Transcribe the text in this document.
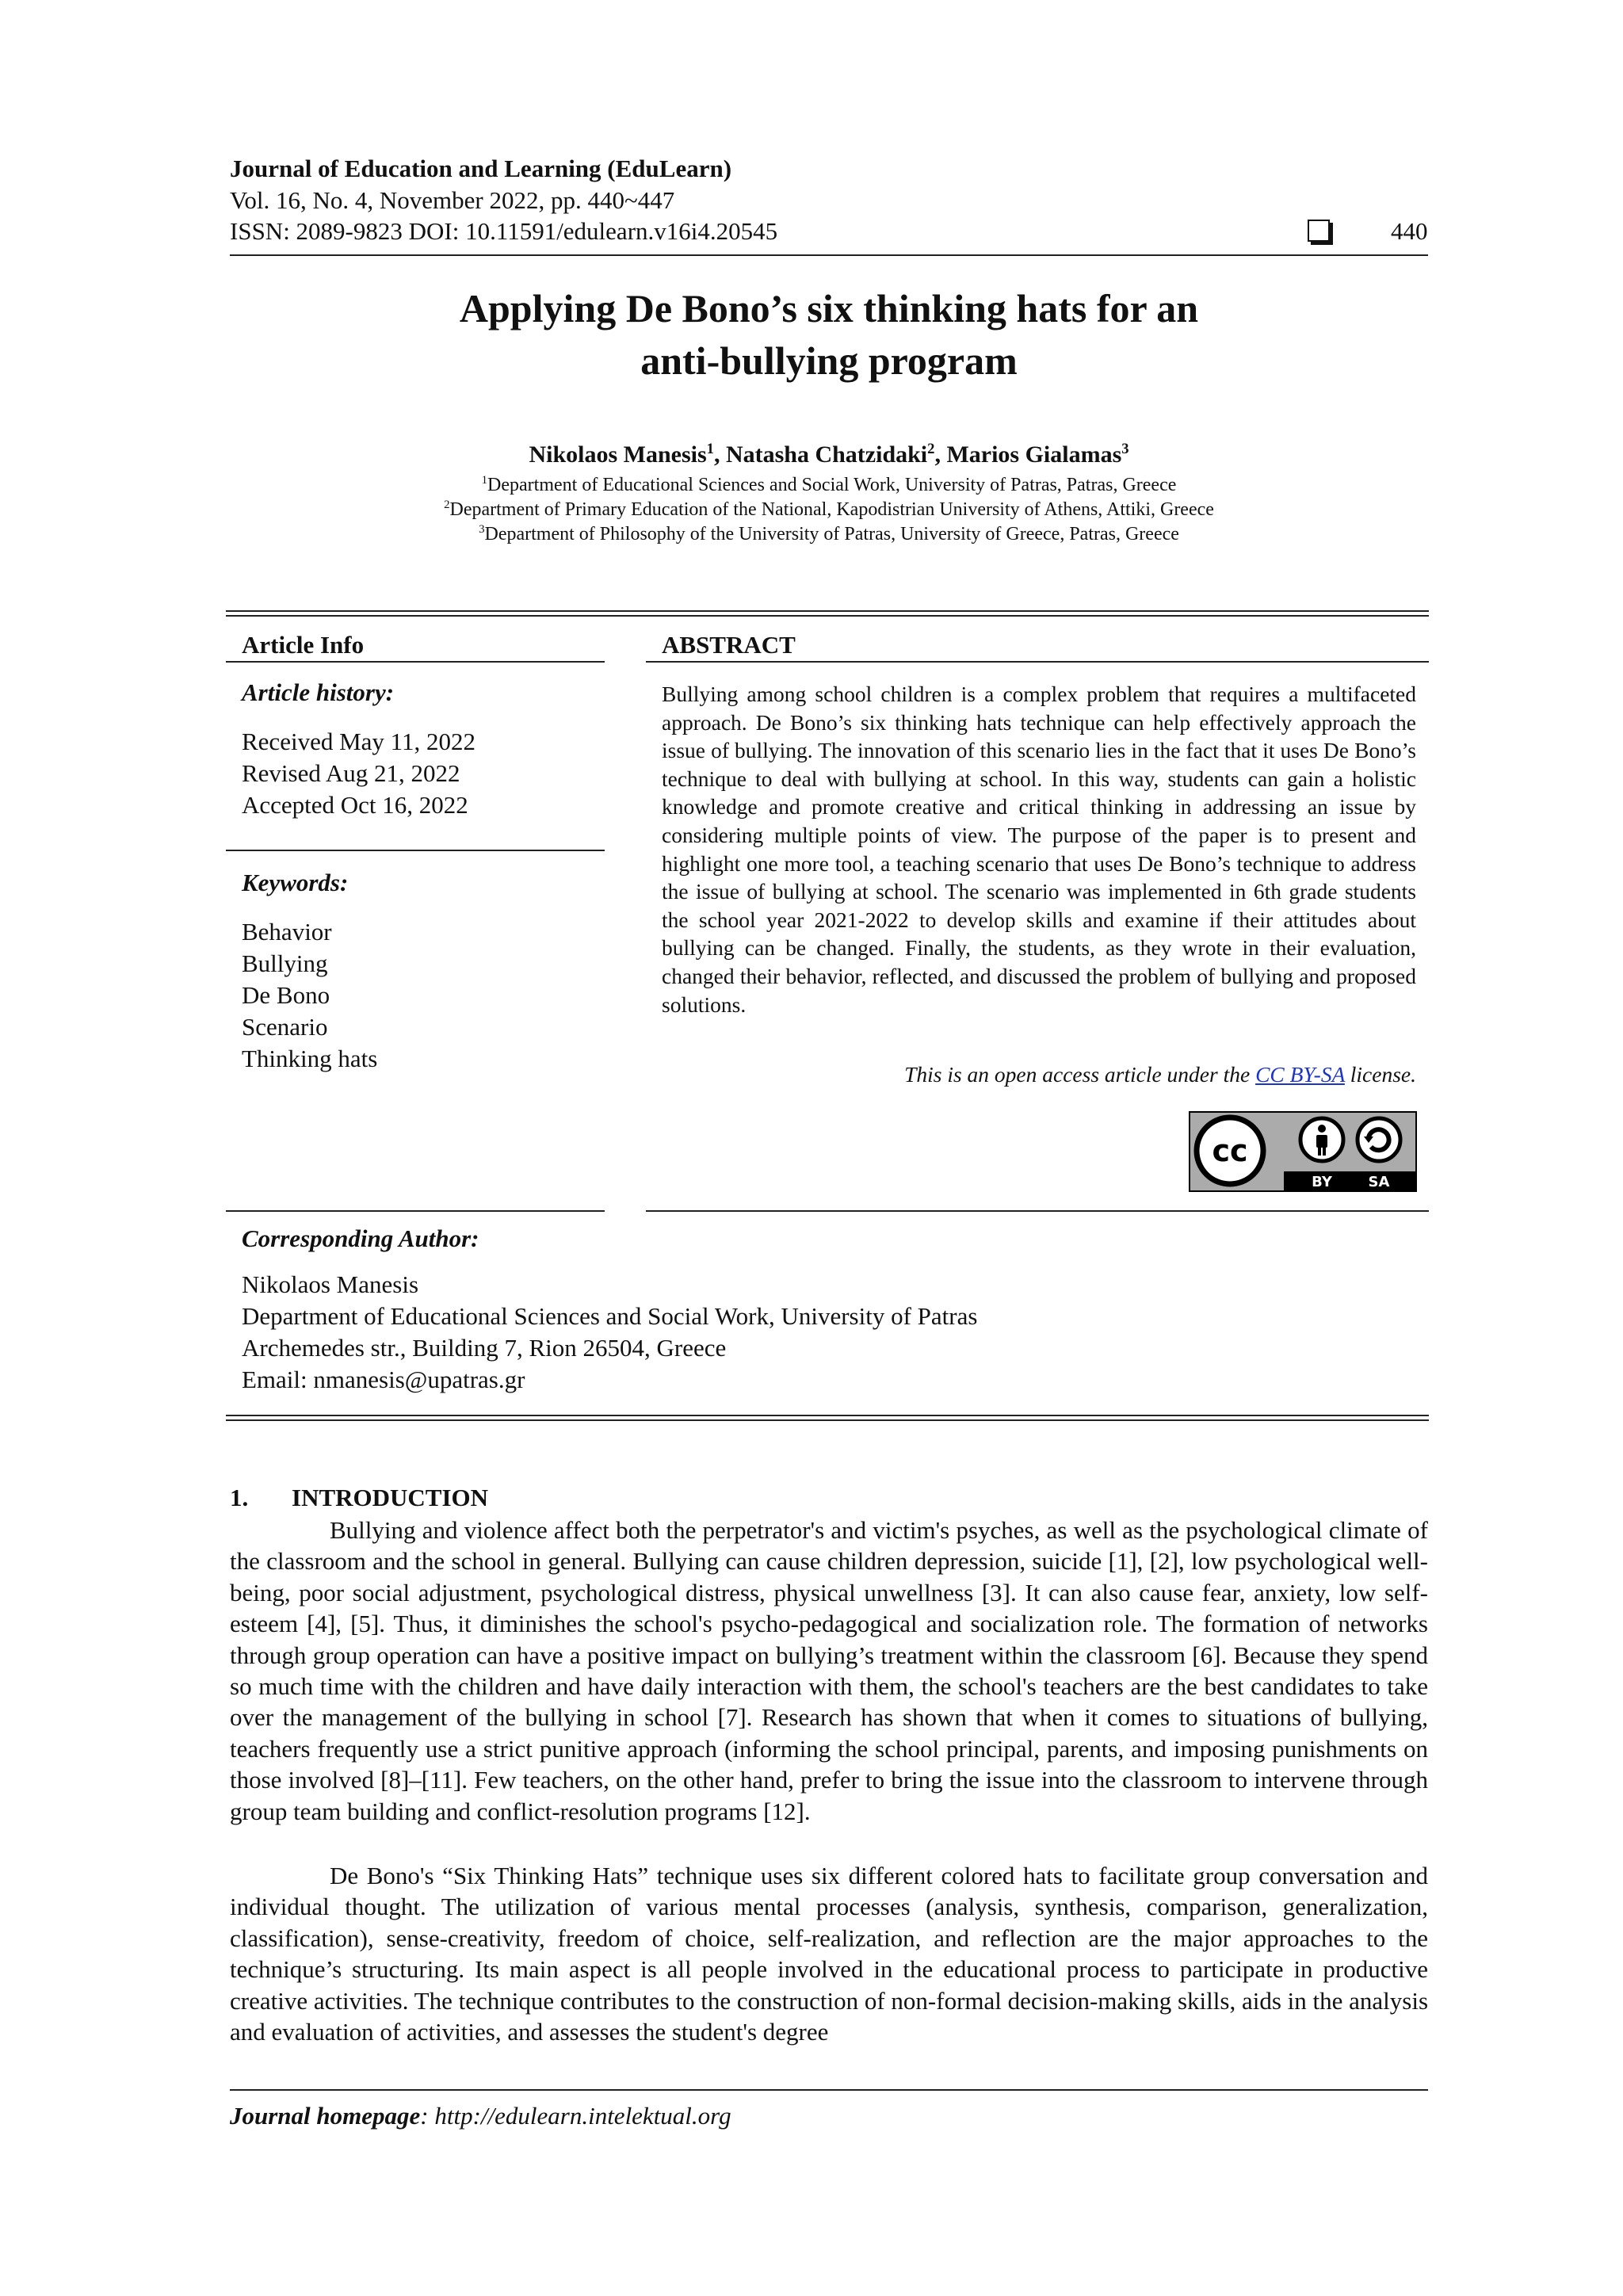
Journal of Education and Learning (EduLearn)
Vol. 16, No. 4, November 2022, pp. 440~447
ISSN: 2089-9823 DOI: 10.11591/edulearn.v16i4.20545	440
Applying De Bono’s six thinking hats for an
anti-bullying program
Nikolaos Manesis$^1$, Natasha Chatzidaki$^2$, Marios Gialamas$^3$
$^1$Department of Educational Sciences and Social Work, University of Patras, Patras, Greece
$^2$Department of Primary Education of the National, Kapodistrian University of Athens, Attiki, Greece
$^3$Department of Philosophy of the University of Patras, University of Greece, Patras, Greece
Article Info
Article history:
Received May 11, 2022
Revised Aug 21, 2022
Accepted Oct 16, 2022
Keywords:
Behavior
Bullying
De Bono
Scenario
Thinking hats
ABSTRACT
Bullying among school children is a complex problem that requires a multifaceted approach. De Bono’s six thinking hats technique can help effectively approach the issue of bullying. The innovation of this scenario lies in the fact that it uses De Bono’s technique to deal with bullying at school. In this way, students can gain a holistic knowledge and promote creative and critical thinking in addressing an issue by considering multiple points of view. The purpose of the paper is to present and highlight one more tool, a teaching scenario that uses De Bono’s technique to address the issue of bullying at school. The scenario was implemented in 6th grade students the school year 2021-2022 to develop skills and examine if their attitudes about bullying can be changed. Finally, the students, as they wrote in their evaluation, changed their behavior, reflected, and discussed the problem of bullying and proposed solutions.
This is an open access article under the CC BY-SA license.
cc
BY	SA
Corresponding Author:
Nikolaos Manesis
Department of Educational Sciences and Social Work, University of Patras
Archemedes str., Building 7, Rion 26504, Greece
Email: nmanesis@upatras.gr
1. INTRODUCTION
Bullying and violence affect both the perpetrator's and victim's psyches, as well as the psychological climate of the classroom and the school in general. Bullying can cause children depression, suicide [1], [2], low psychological well-being, poor social adjustment, psychological distress, physical unwellness [3]. It can also cause fear, anxiety, low self-esteem [4], [5]. Thus, it diminishes the school's psycho-pedagogical and socialization role. The formation of networks through group operation can have a positive impact on bullying’s treatment within the classroom [6]. Because they spend so much time with the children and have daily interaction with them, the school's teachers are the best candidates to take over the management of the bullying in school [7]. Research has shown that when it comes to situations of bullying, teachers frequently use a strict punitive approach (informing the school principal, parents, and imposing punishments on those involved [8]–[11]. Few teachers, on the other hand, prefer to bring the issue into the classroom to intervene through group team building and conflict-resolution programs [12].
De Bono's “Six Thinking Hats” technique uses six different colored hats to facilitate group conversation and individual thought. The utilization of various mental processes (analysis, synthesis, comparison, generalization, classification), sense-creativity, freedom of choice, self-realization, and reflection are the major approaches to the technique’s structuring. Its main aspect is all people involved in the educational process to participate in productive creative activities. The technique contributes to the construction of non-formal decision-making skills, aids in the analysis and evaluation of activities, and assesses the student's degree
Journal homepage: http://edulearn.intelektual.org
